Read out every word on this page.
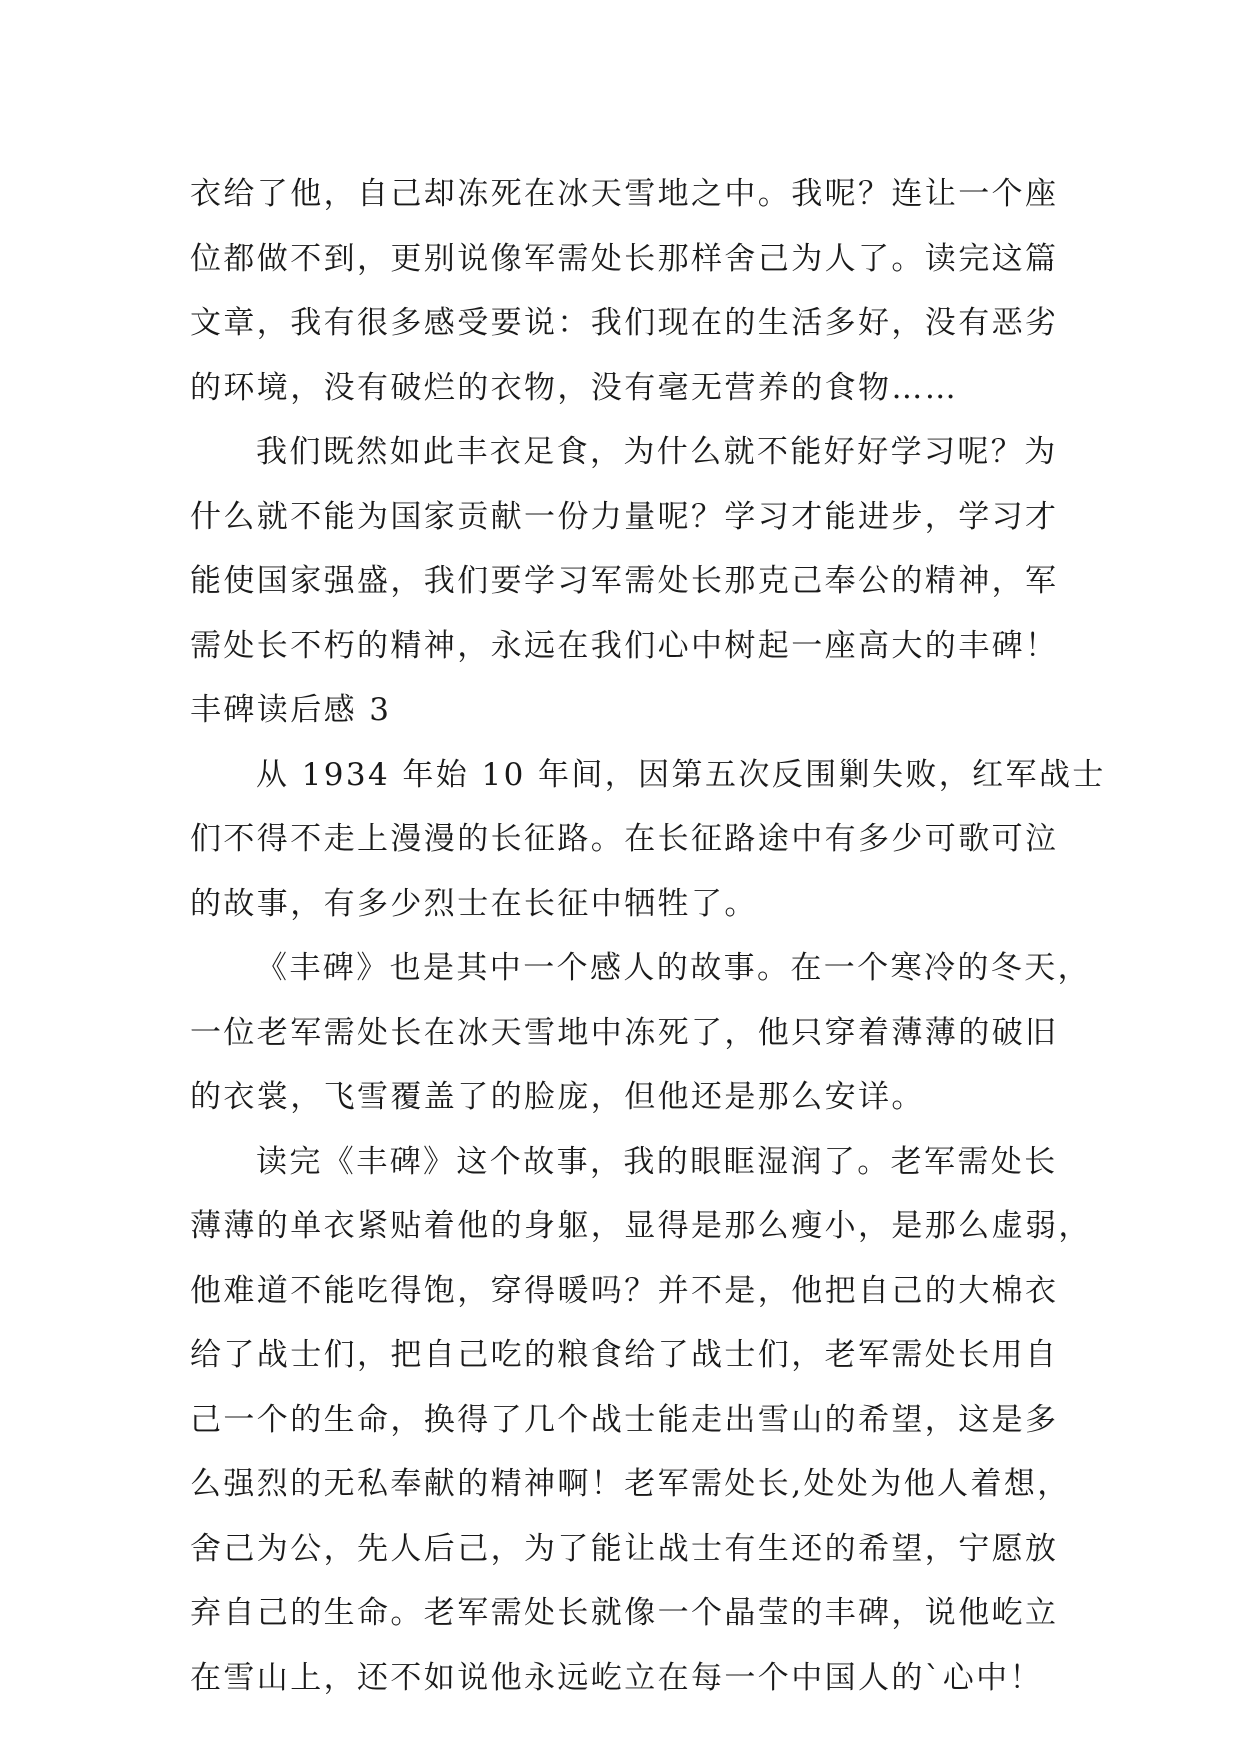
衣给了他，自己却冻死在冰天雪地之中。我呢？连让一个座
位都做不到，更别说像军需处长那样舍己为人了。读完这篇
文章，我有很多感受要说：我们现在的生活多好，没有恶劣
的环境，没有破烂的衣物，没有毫无营养的食物……
我们既然如此丰衣足食，为什么就不能好好学习呢？为
什么就不能为国家贡献一份力量呢？学习才能进步，学习才
能使国家强盛，我们要学习军需处长那克己奉公的精神，军
需处长不朽的精神，永远在我们心中树起一座高大的丰碑！
丰碑读后感 3
从 1934 年始 10 年间，因第五次反围剿失败，红军战士
们不得不走上漫漫的长征路。在长征路途中有多少可歌可泣
的故事，有多少烈士在长征中牺牲了。
《丰碑》也是其中一个感人的故事。在一个寒冷的冬天，
一位老军需处长在冰天雪地中冻死了，他只穿着薄薄的破旧
的衣裳，飞雪覆盖了的脸庞，但他还是那么安详。
读完《丰碑》这个故事，我的眼眶湿润了。老军需处长
薄薄的单衣紧贴着他的身躯，显得是那么瘦小，是那么虚弱，
他难道不能吃得饱，穿得暖吗？并不是，他把自己的大棉衣
给了战士们，把自己吃的粮食给了战士们，老军需处长用自
己一个的生命，换得了几个战士能走出雪山的希望，这是多
么强烈的无私奉献的精神啊！老军需处长,处处为他人着想，
舍己为公，先人后己，为了能让战士有生还的希望，宁愿放
弃自己的生命。老军需处长就像一个晶莹的丰碑，说他屹立
在雪山上，还不如说他永远屹立在每一个中国人的`心中！
